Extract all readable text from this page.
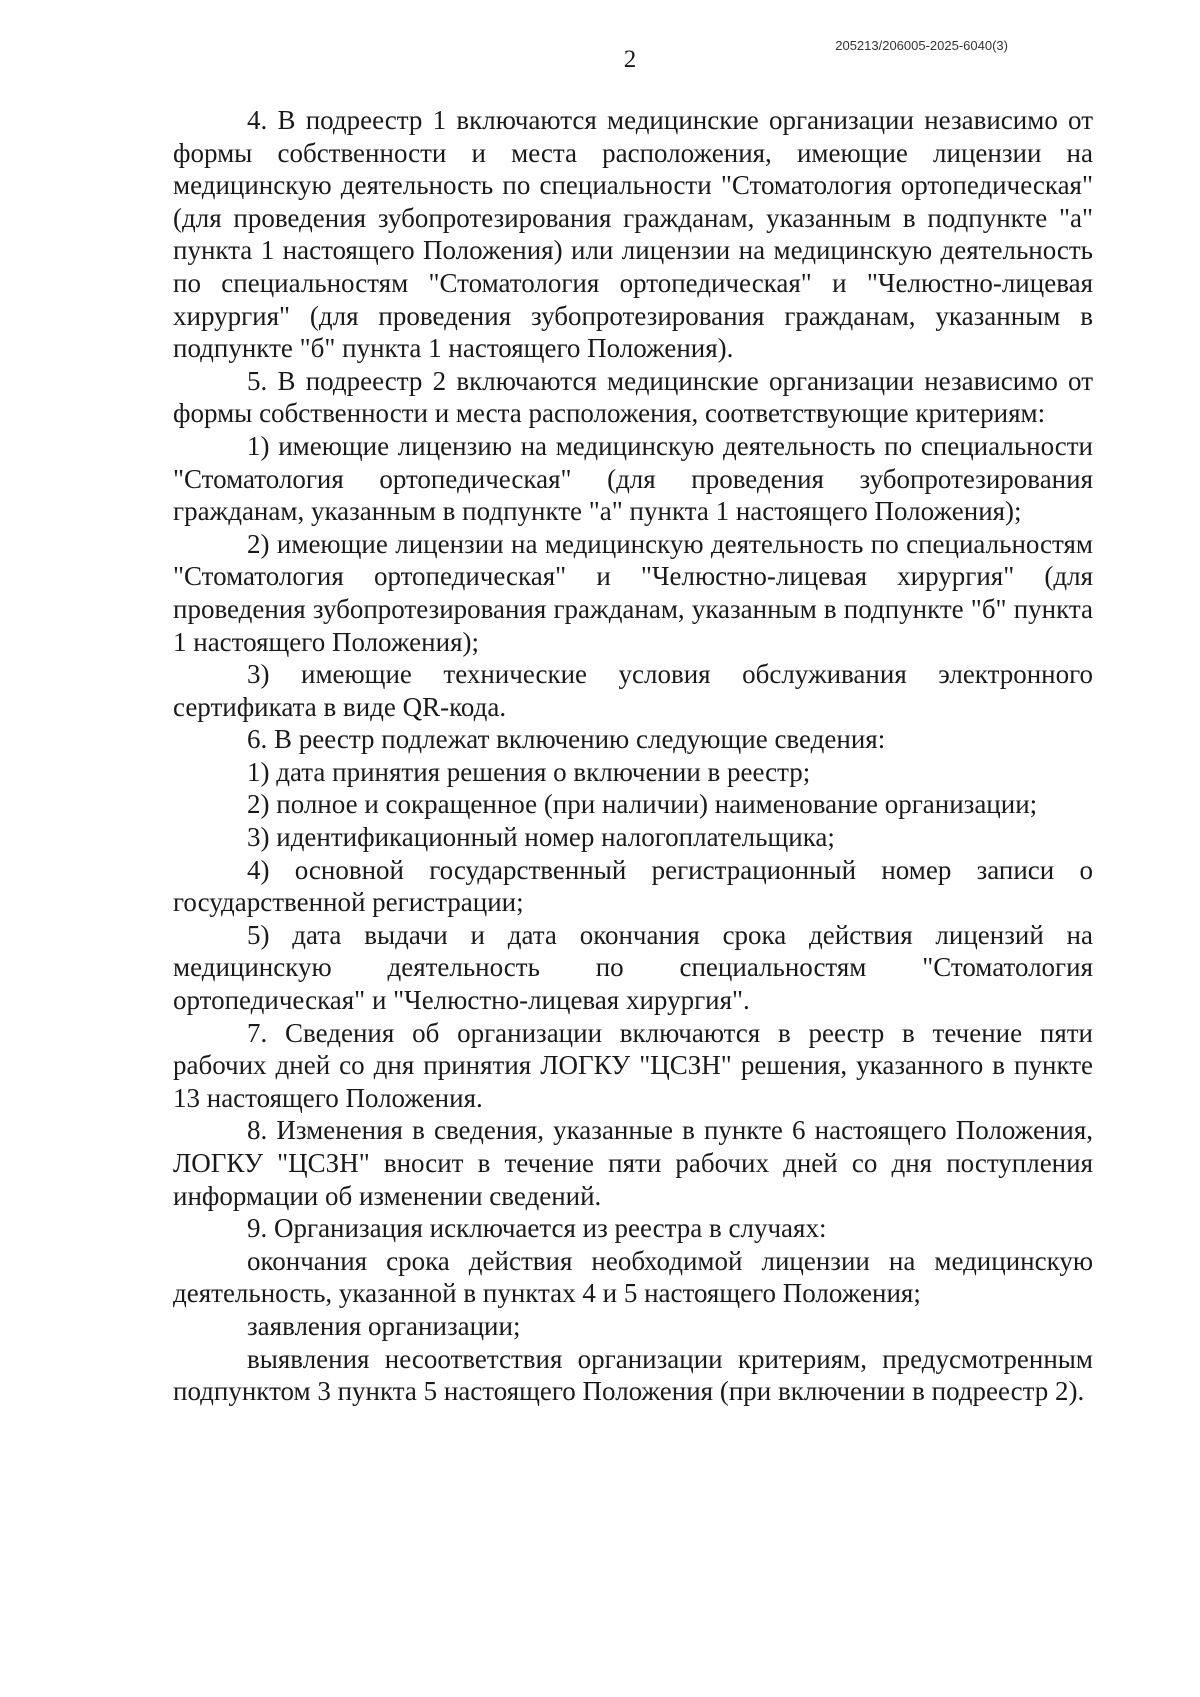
205213/206005-2025-6040(3)
2

4. В подреестр 1 включаются медицинские организации независимо от формы собственности и места расположения, имеющие лицензии на медицинскую деятельность по специальности "Стоматология ортопедическая" (для проведения зубопротезирования гражданам, указанным в подпункте "а" пункта 1 настоящего Положения) или лицензии на медицинскую деятельность по специальностям "Стоматология ортопедическая" и "Челюстно-лицевая хирургия" (для проведения зубопротезирования гражданам, указанным в подпункте "б" пункта 1 настоящего Положения).

5. В подреестр 2 включаются медицинские организации независимо от формы собственности и места расположения, соответствующие критериям:

1) имеющие лицензию на медицинскую деятельность по специальности "Стоматология ортопедическая" (для проведения зубопротезирования гражданам, указанным в подпункте "а" пункта 1 настоящего Положения);

2) имеющие лицензии на медицинскую деятельность по специальностям "Стоматология ортопедическая" и "Челюстно-лицевая хирургия" (для проведения зубопротезирования гражданам, указанным в подпункте "б" пункта 1 настоящего Положения);

3) имеющие технические условия обслуживания электронного сертификата в виде QR-кода.

6. В реестр подлежат включению следующие сведения:

1) дата принятия решения о включении в реестр;

2) полное и сокращенное (при наличии) наименование организации;

3) идентификационный номер налогоплательщика;

4) основной государственный регистрационный номер записи о государственной регистрации;

5) дата выдачи и дата окончания срока действия лицензий на медицинскую деятельность по специальностям "Стоматология ортопедическая" и "Челюстно-лицевая хирургия".

7. Сведения об организации включаются в реестр в течение пяти рабочих дней со дня принятия ЛОГКУ "ЦСЗН" решения, указанного в пункте 13 настоящего Положения.

8. Изменения в сведения, указанные в пункте 6 настоящего Положения, ЛОГКУ "ЦСЗН" вносит в течение пяти рабочих дней со дня поступления информации об изменении сведений.

9. Организация исключается из реестра в случаях:

окончания срока действия необходимой лицензии на медицинскую деятельность, указанной в пунктах 4 и 5 настоящего Положения;

заявления организации;

выявления несоответствия организации критериям, предусмотренным подпунктом 3 пункта 5 настоящего Положения (при включении в подреестр 2).
